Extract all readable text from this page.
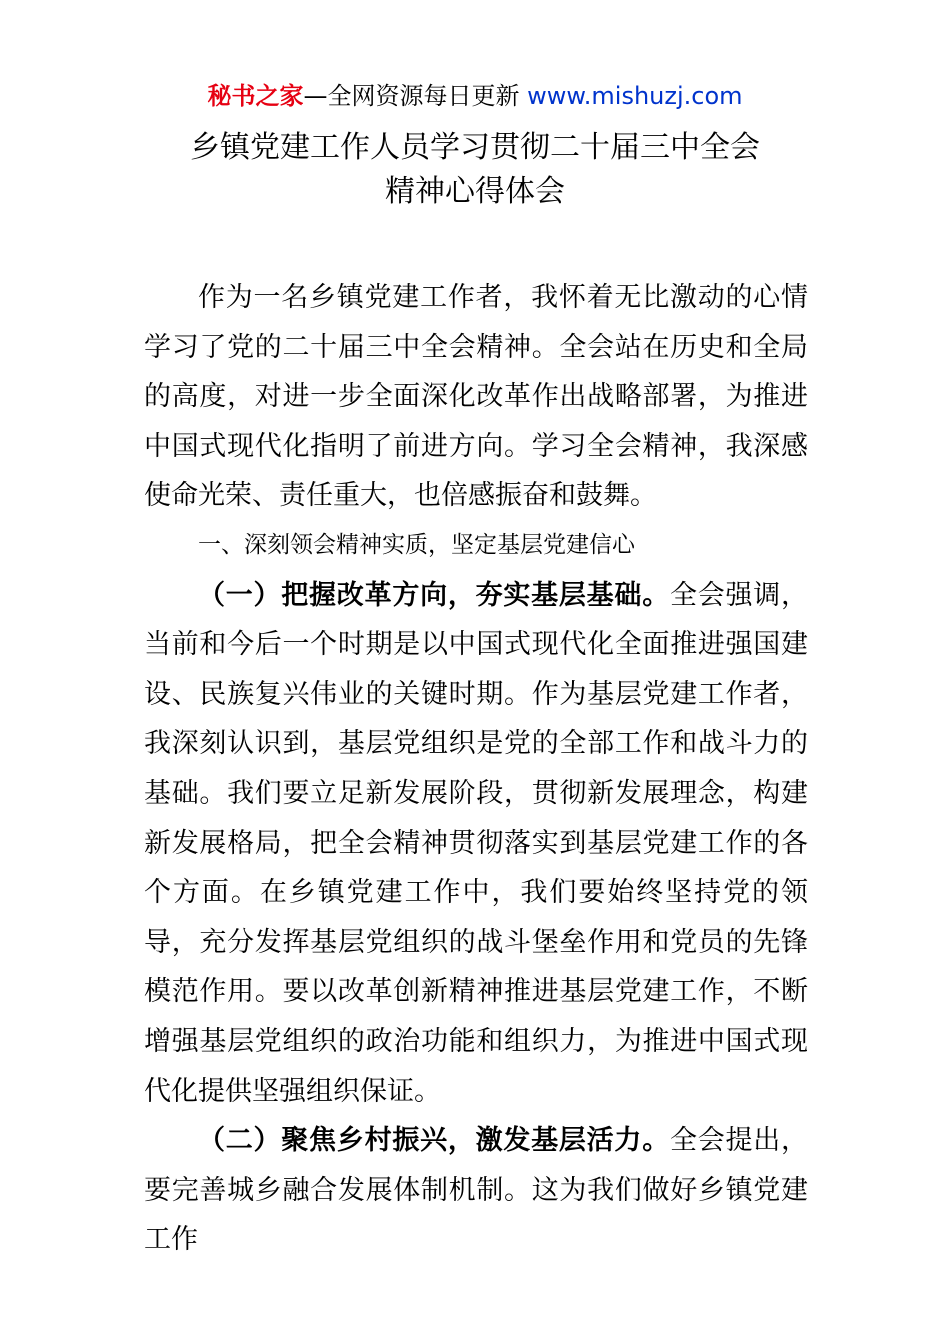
秘书之家—全网资源每日更新 www.mishuzj.com
乡镇党建工作人员学习贯彻二十届三中全会
精神心得体会

作为一名乡镇党建工作者，我怀着无比激动的心情学习了党的二十届三中全会精神。全会站在历史和全局的高度，对进一步全面深化改革作出战略部署，为推进中国式现代化指明了前进方向。学习全会精神，我深感使命光荣、责任重大，也倍感振奋和鼓舞。

一、深刻领会精神实质，坚定基层党建信心

（一）把握改革方向，夯实基层基础。全会强调，当前和今后一个时期是以中国式现代化全面推进强国建设、民族复兴伟业的关键时期。作为基层党建工作者，我深刻认识到，基层党组织是党的全部工作和战斗力的基础。我们要立足新发展阶段，贯彻新发展理念，构建新发展格局，把全会精神贯彻落实到基层党建工作的各个方面。在乡镇党建工作中，我们要始终坚持党的领导，充分发挥基层党组织的战斗堡垒作用和党员的先锋模范作用。要以改革创新精神推进基层党建工作，不断增强基层党组织的政治功能和组织力，为推进中国式现代化提供坚强组织保证。

（二）聚焦乡村振兴，激发基层活力。全会提出，要完善城乡融合发展体制机制。这为我们做好乡镇党建工作
